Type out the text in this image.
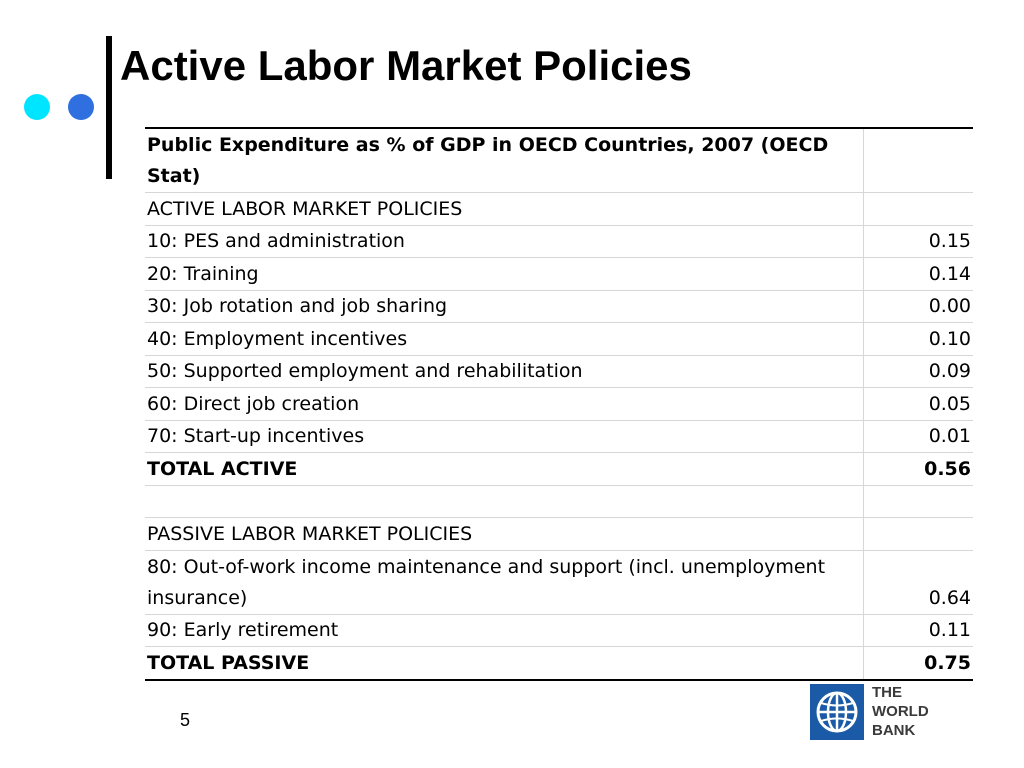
Active Labor Market Policies
Public Expenditure as % of GDP in OECD Countries, 2007 (OECD Stat)	
ACTIVE LABOR MARKET POLICIES	
10: PES and administration	0.15
20: Training	0.14
30: Job rotation and job sharing	0.00
40: Employment incentives	0.10
50: Supported employment and rehabilitation	0.09
60: Direct job creation	0.05
70: Start-up incentives	0.01
TOTAL ACTIVE	0.56

PASSIVE LABOR MARKET POLICIES	
80: Out-of-work income maintenance and support (incl. unemployment insurance)	0.64
90: Early retirement	0.11
TOTAL PASSIVE	0.75
5
THE
WORLD
BANK
